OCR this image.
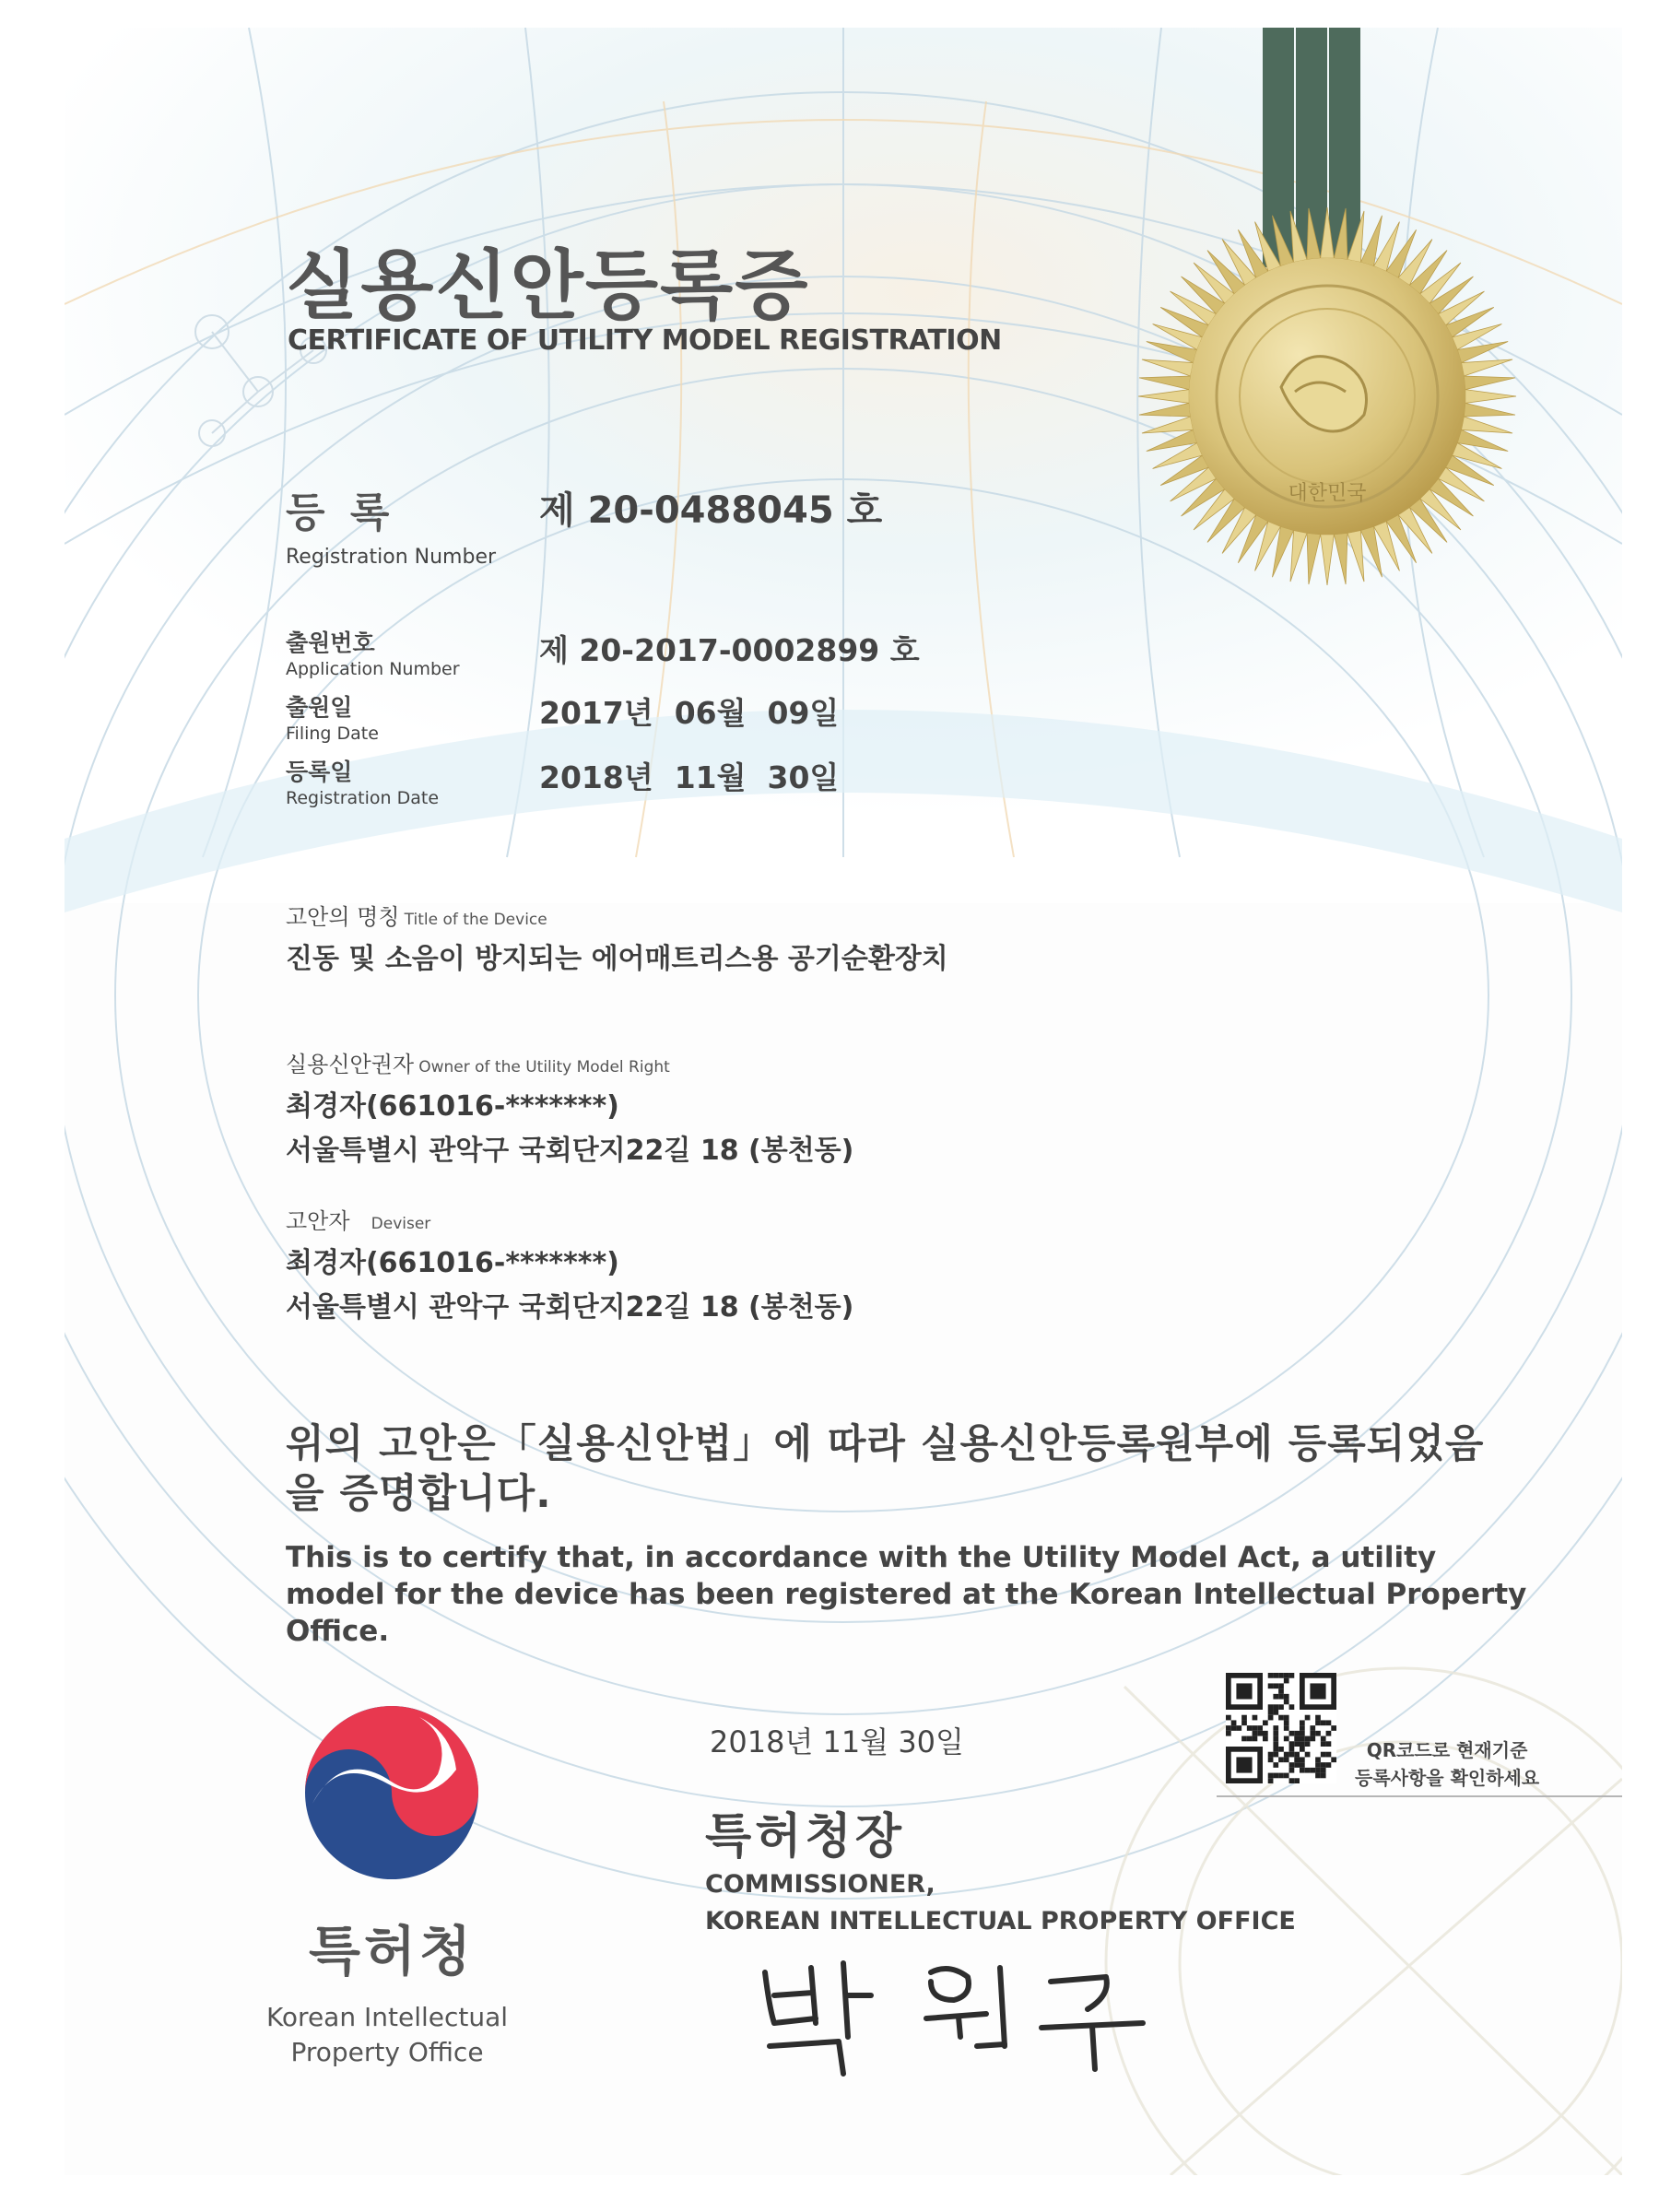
대한민국
실용신안등록증
CERTIFICATE OF UTILITY MODEL REGISTRATION
등 록
Registration Number
제 20-0488045 호
출원번호
Application Number
제 20-2017-0002899 호
출원일
Filing Date
2017년  06월  09일
등록일
Registration Date
2018년  11월  30일
고안의 명칭 Title of the Device
진동 및 소음이 방지되는 에어매트리스용 공기순환장치
실용신안권자 Owner of the Utility Model Right
최경자(661016-*******)
서울특별시 관악구 국회단지22길 18 (봉천동)
고안자 Deviser
최경자(661016-*******)
서울특별시 관악구 국회단지22길 18 (봉천동)
위의 고안은「실용신안법」에 따라 실용신안등록원부에 등록되었음을 증명합니다.
This is to certify that, in accordance with the Utility Model Act, a utility model for the device has been registered at the Korean Intellectual Property Office.
2018년 11월 30일	QR코드로 현재기준
등록사항을 확인하세요
특허청장
COMMISSIONER,
KOREAN INTELLECTUAL PROPERTY OFFICE
특허청
Korean Intellectual
Property Office
